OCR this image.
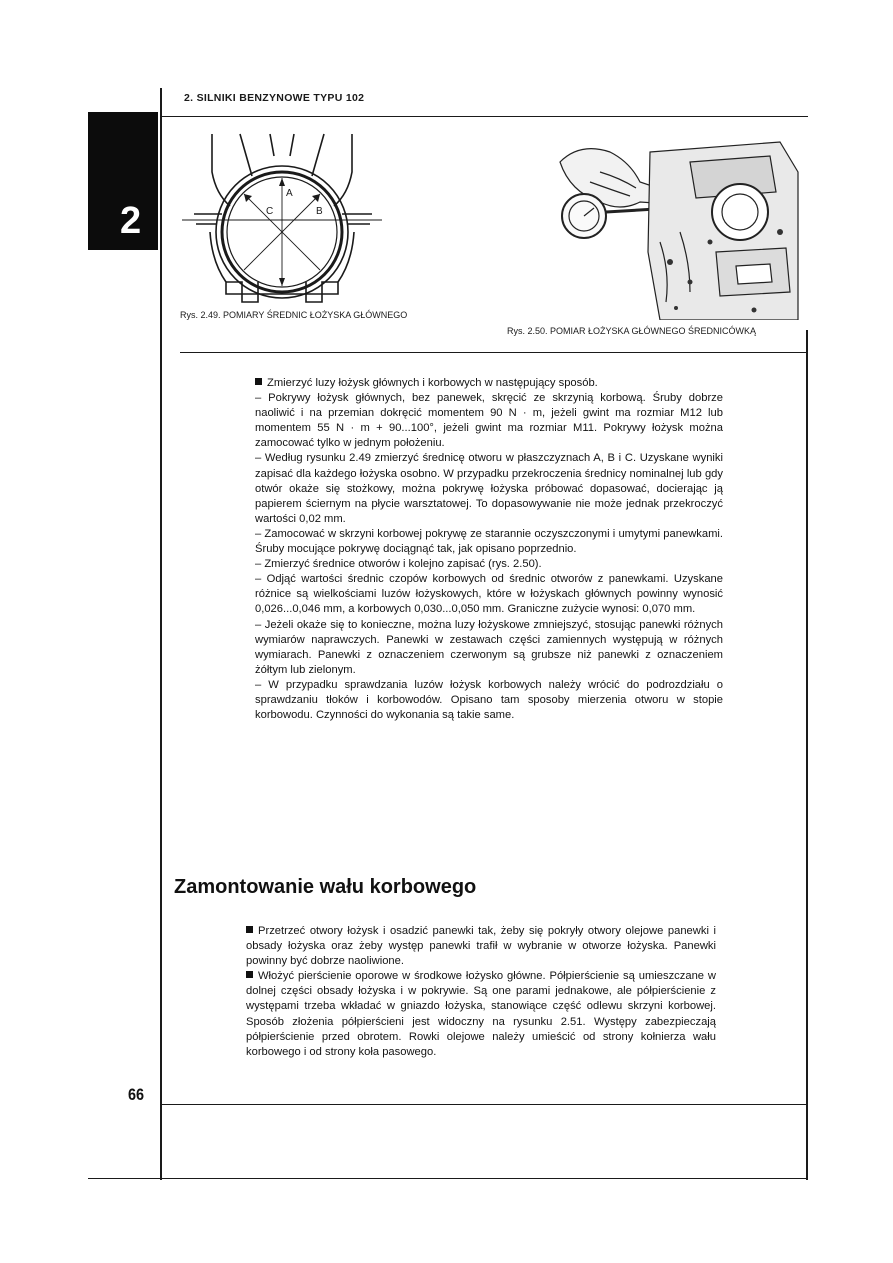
2. SILNIKI BENZYNOWE TYPU 102
2
A
B
C
Rys. 2.49. POMIARY ŚREDNIC ŁOŻYSKA GŁÓWNEGO
Rys. 2.50. POMIAR ŁOŻYSKA GŁÓWNEGO ŚREDNICÓWKĄ

Zmierzyć luzy łożysk głównych i korbowych w następujący sposób.

– Pokrywy łożysk głównych, bez panewek, skręcić ze skrzynią korbową. Śruby dobrze naoliwić i na przemian dokręcić momentem 90 N · m, jeżeli gwint ma rozmiar M12 lub momentem 55 N · m + 90...100°, jeżeli gwint ma rozmiar M11. Pokrywy łożysk można zamocować tylko w jednym położeniu.

– Według rysunku 2.49 zmierzyć średnicę otworu w płaszczyznach A, B i C. Uzyskane wyniki zapisać dla każdego łożyska osobno. W przypadku przekroczenia średnicy nominalnej lub gdy otwór okaże się stożkowy, można pokrywę łożyska próbować dopasować, docierając ją papierem ściernym na płycie warsztatowej. To dopasowywanie nie może jednak przekroczyć wartości 0,02 mm.

– Zamocować w skrzyni korbowej pokrywę ze starannie oczyszczonymi i umytymi panewkami. Śruby mocujące pokrywę dociągnąć tak, jak opisano poprzednio.

– Zmierzyć średnice otworów i kolejno zapisać (rys. 2.50).

– Odjąć wartości średnic czopów korbowych od średnic otworów z panewkami. Uzyskane różnice są wielkościami luzów łożyskowych, które w łożyskach głównych powinny wynosić 0,026...0,046 mm, a korbowych 0,030...0,050 mm. Graniczne zużycie wynosi: 0,070 mm.

– Jeżeli okaże się to konieczne, można luzy łożyskowe zmniejszyć, stosując panewki różnych wymiarów naprawczych. Panewki w zestawach części zamiennych występują w różnych wymiarach. Panewki z oznaczeniem czerwonym są grubsze niż panewki z oznaczeniem żółtym lub zielonym.

– W przypadku sprawdzania luzów łożysk korbowych należy wrócić do podrozdziału o sprawdzaniu tłoków i korbowodów. Opisano tam sposoby mierzenia otworu w stopie korbowodu. Czynności do wykonania są takie same.

Zamontowanie wału korbowego

Przetrzeć otwory łożysk i osadzić panewki tak, żeby się pokryły otwory olejowe panewki i obsady łożyska oraz żeby występ panewki trafił w wybranie w otworze łożyska. Panewki powinny być dobrze naoliwione.

Włożyć pierścienie oporowe w środkowe łożysko główne. Półpierścienie są umieszczane w dolnej części obsady łożyska i w pokrywie. Są one parami jednakowe, ale półpierścienie z występami trzeba wkładać w gniazdo łożyska, stanowiące część odlewu skrzyni korbowej. Sposób złożenia półpierścieni jest widoczny na rysunku 2.51. Występy zabezpieczają półpierścienie przed obrotem. Rowki olejowe należy umieścić od strony kołnierza wału korbowego i od strony koła pasowego.

66
